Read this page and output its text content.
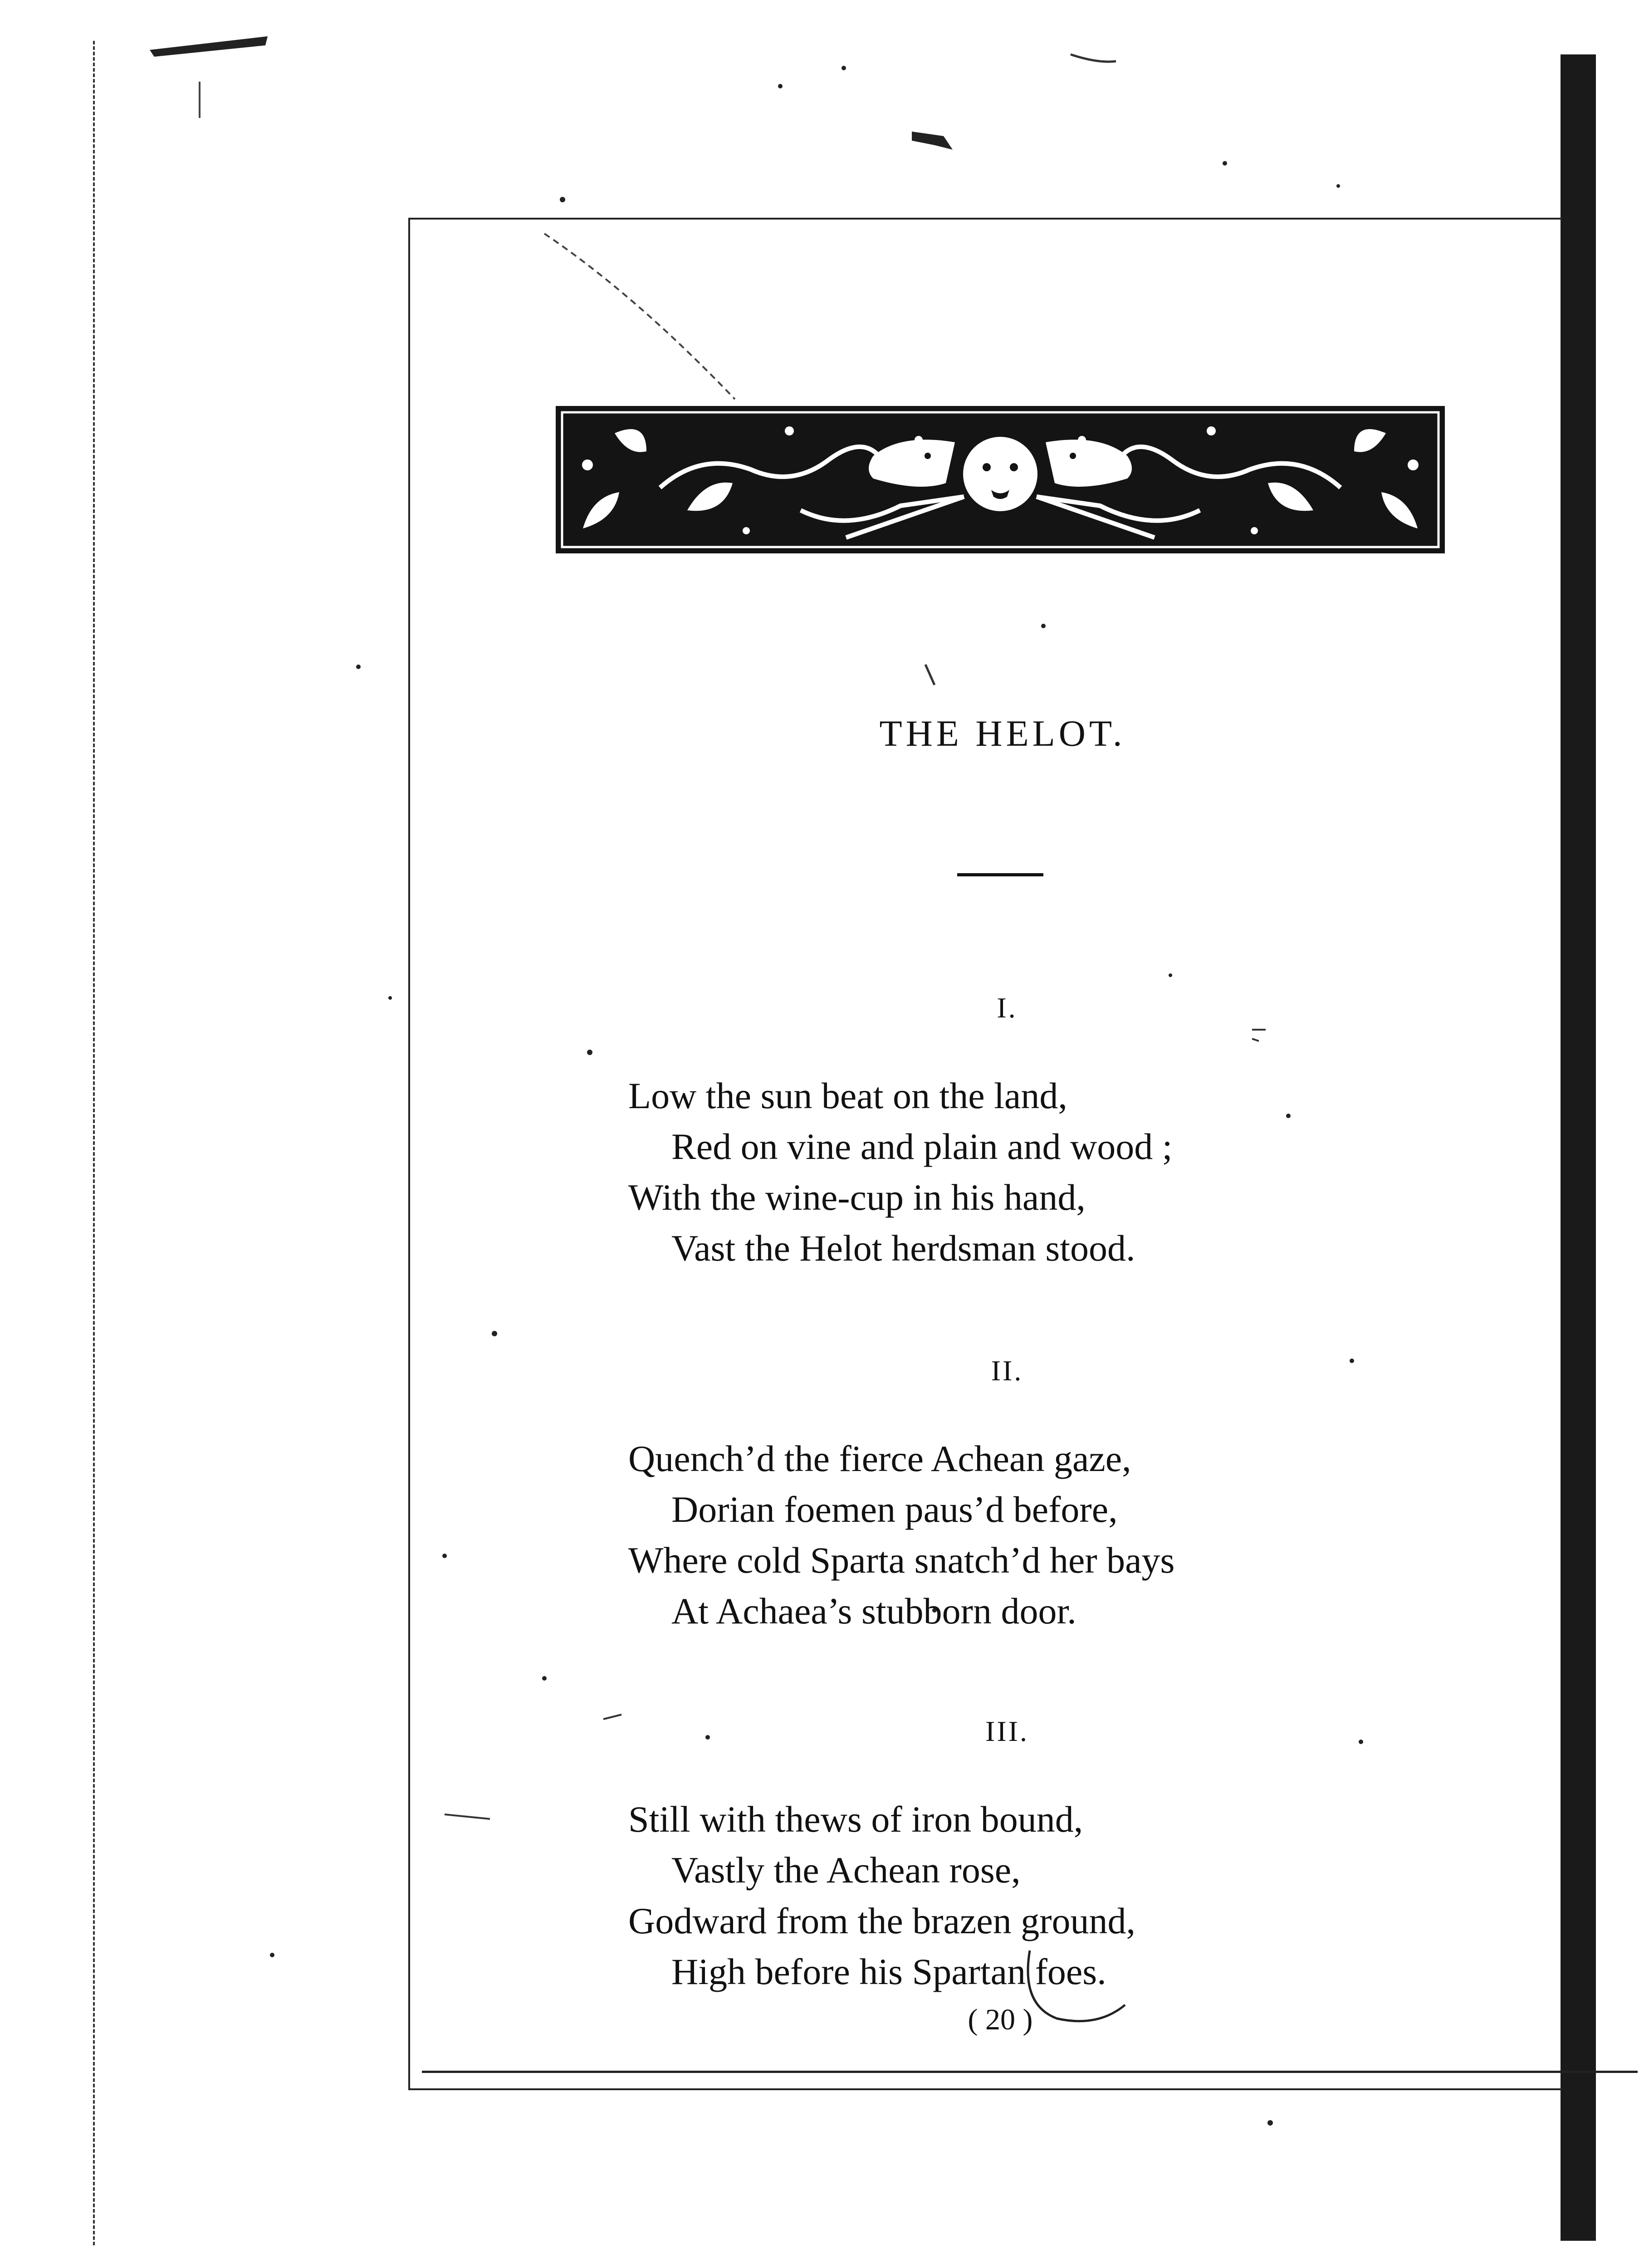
THE HELOT.
I.
Low the sun beat on the land,
Red on vine and plain and wood ;
With the wine-cup in his hand,
Vast the Helot herdsman stood.
II.
Quench’d the fierce Achean gaze,
Dorian foemen paus’d before,
Where cold Sparta snatch’d her bays
At Achaea’s stubborn door.
III.
Still with thews of iron bound,
Vastly the Achean rose,
Godward from the brazen ground,
High before his Spartan foes.
( 20 )
